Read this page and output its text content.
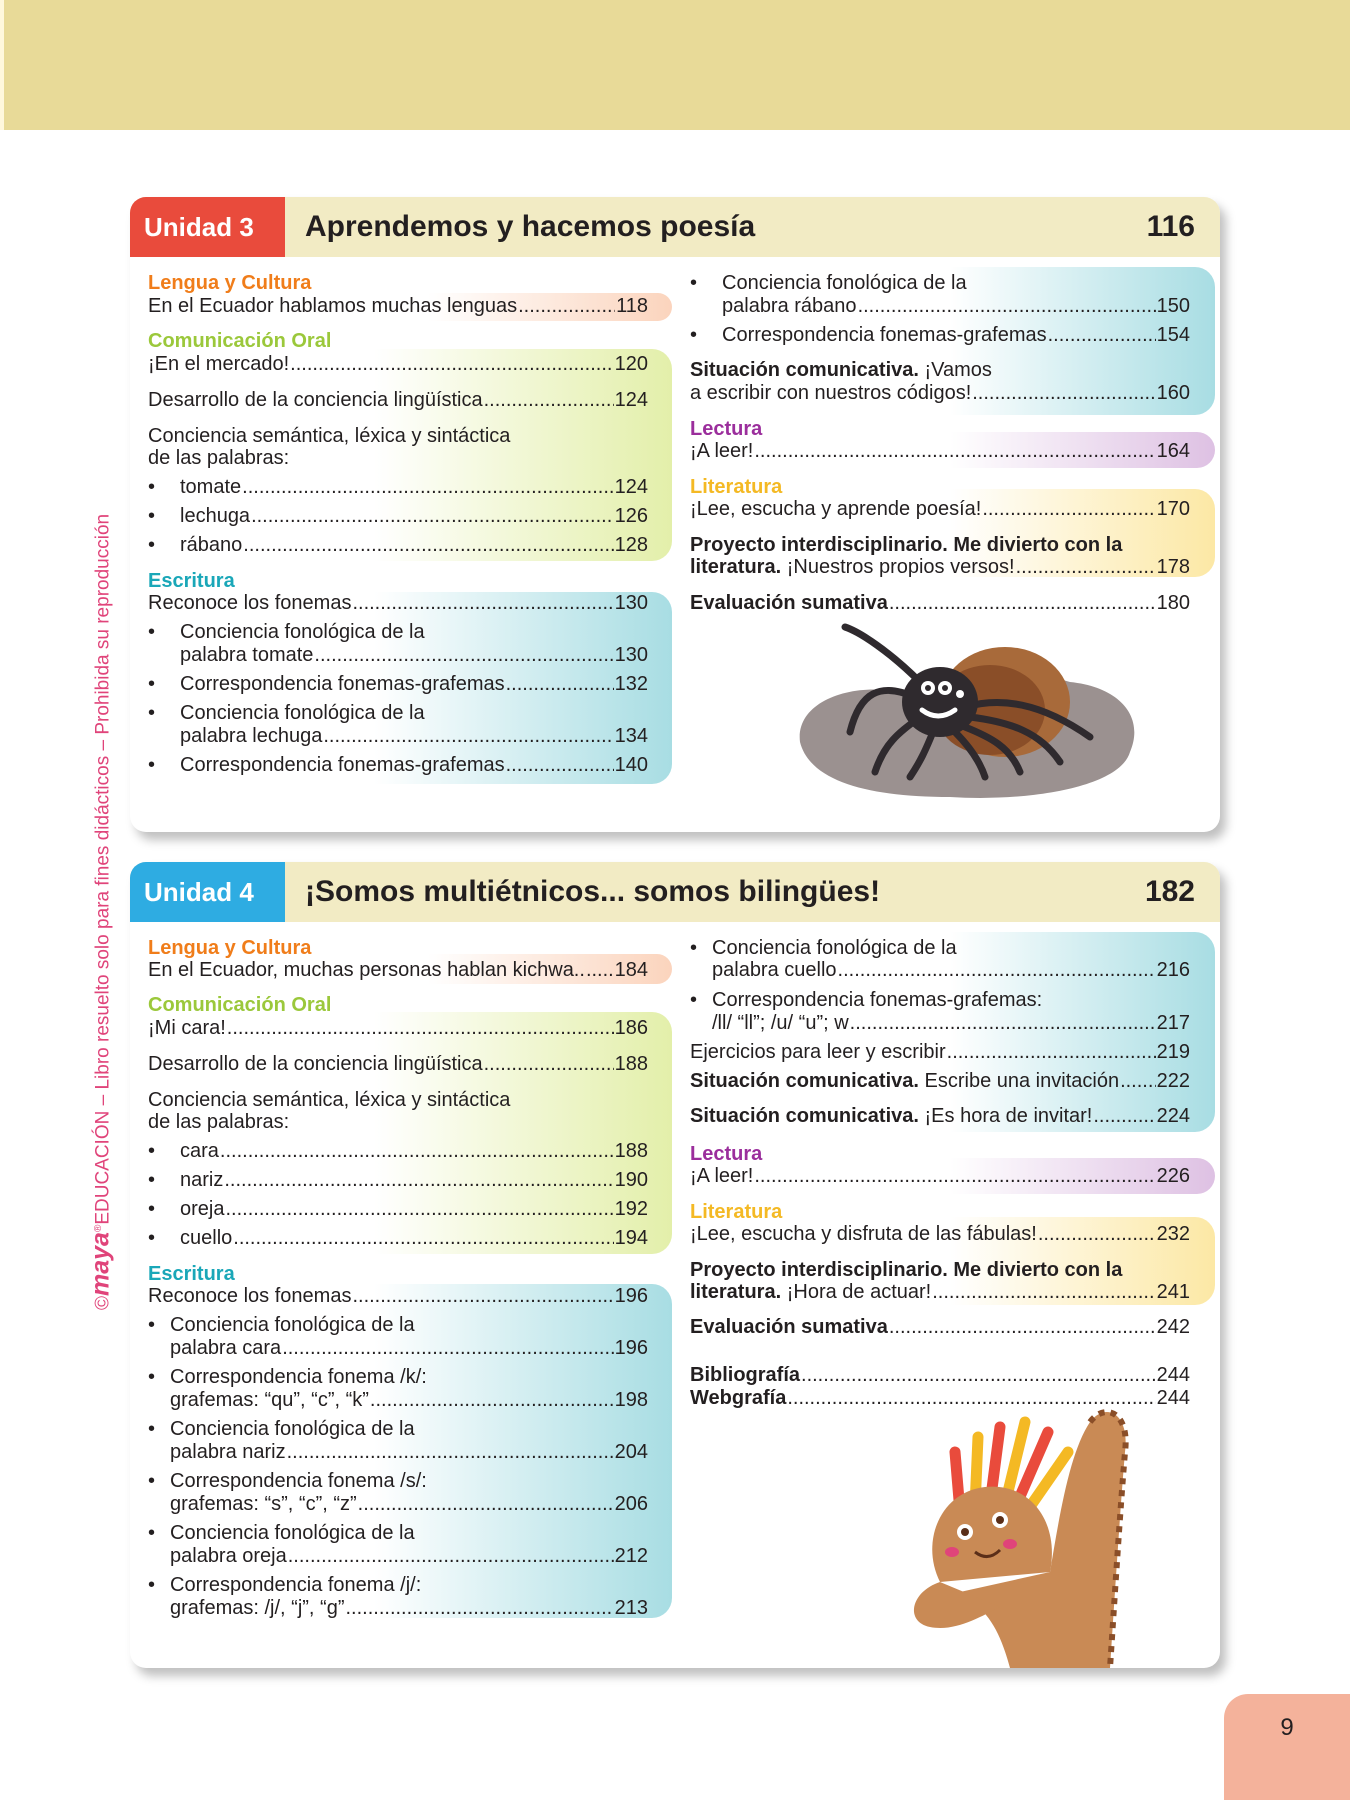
©maya®EDUCACIÓN – Libro resuelto solo para fines didácticos – Prohibida su reproducción
Unidad 3	Aprendemos y hacemos poesía	116
Lengua y Cultura
En el Ecuador hablamos muchas lenguas .....	118
Comunicación Oral
¡En el mercado! .....	120
Desarrollo de la conciencia lingüística .....	124
Conciencia semántica, léxica y sintáctica
de las palabras:
• tomate .....	124
• lechuga .....	126
• rábano .....	128
Escritura
Reconoce los fonemas .....	130
• Conciencia fonológica de la
palabra tomate .....	130
• Correspondencia fonemas-grafemas .....	132
• Conciencia fonológica de la
palabra lechuga .....	134
• Correspondencia fonemas-grafemas .....	140
• Conciencia fonológica de la
palabra rábano .....	150
• Correspondencia fonemas-grafemas .....	154
Situación comunicativa. ¡Vamos
a escribir con nuestros códigos! .....	160
Lectura
¡A leer! .....	164
Literatura
¡Lee, escucha y aprende poesía! .....	170
Proyecto interdisciplinario. Me divierto con la
literatura. ¡Nuestros propios versos! .....	178
Evaluación sumativa .....	180
Unidad 4	¡Somos multiétnicos... somos bilingües!	182
Lengua y Cultura
En el Ecuador, muchas personas hablan kichwa.. ..... 184
Comunicación Oral
¡Mi cara! .....	186
Desarrollo de la conciencia lingüística .....	188
Conciencia semántica, léxica y sintáctica
de las palabras:
• cara .....	188
• nariz .....	190
• oreja .....	192
• cuello .....	194
Escritura
Reconoce los fonemas .....	196
• Conciencia fonológica de la
palabra cara .....	196
• Correspondencia fonema /k/:
grafemas: “qu”, “c”, “k” .....	198
• Conciencia fonológica de la
palabra nariz .....	204
• Correspondencia fonema /s/:
grafemas: “s”, “c”, “z” .....	206
• Conciencia fonológica de la
palabra oreja .....	212
• Correspondencia fonema /j/:
grafemas: /j/, “j”, “g” .....	213
• Conciencia fonológica de la
palabra cuello .....	216
• Correspondencia fonemas-grafemas:
/ll/ “ll”; /u/ “u”; w .....	217
Ejercicios para leer y escribir .....	219
Situación comunicativa. Escribe una invitación ..... 222
Situación comunicativa. ¡Es hora de invitar! .....	224
Lectura
¡A leer! .....	226
Literatura
¡Lee, escucha y disfruta de las fábulas! .....	232
Proyecto interdisciplinario. Me divierto con la
literatura. ¡Hora de actuar! .....	241
Evaluación sumativa .....	242
Bibliografía .....	244
Webgrafía .....	244
9
